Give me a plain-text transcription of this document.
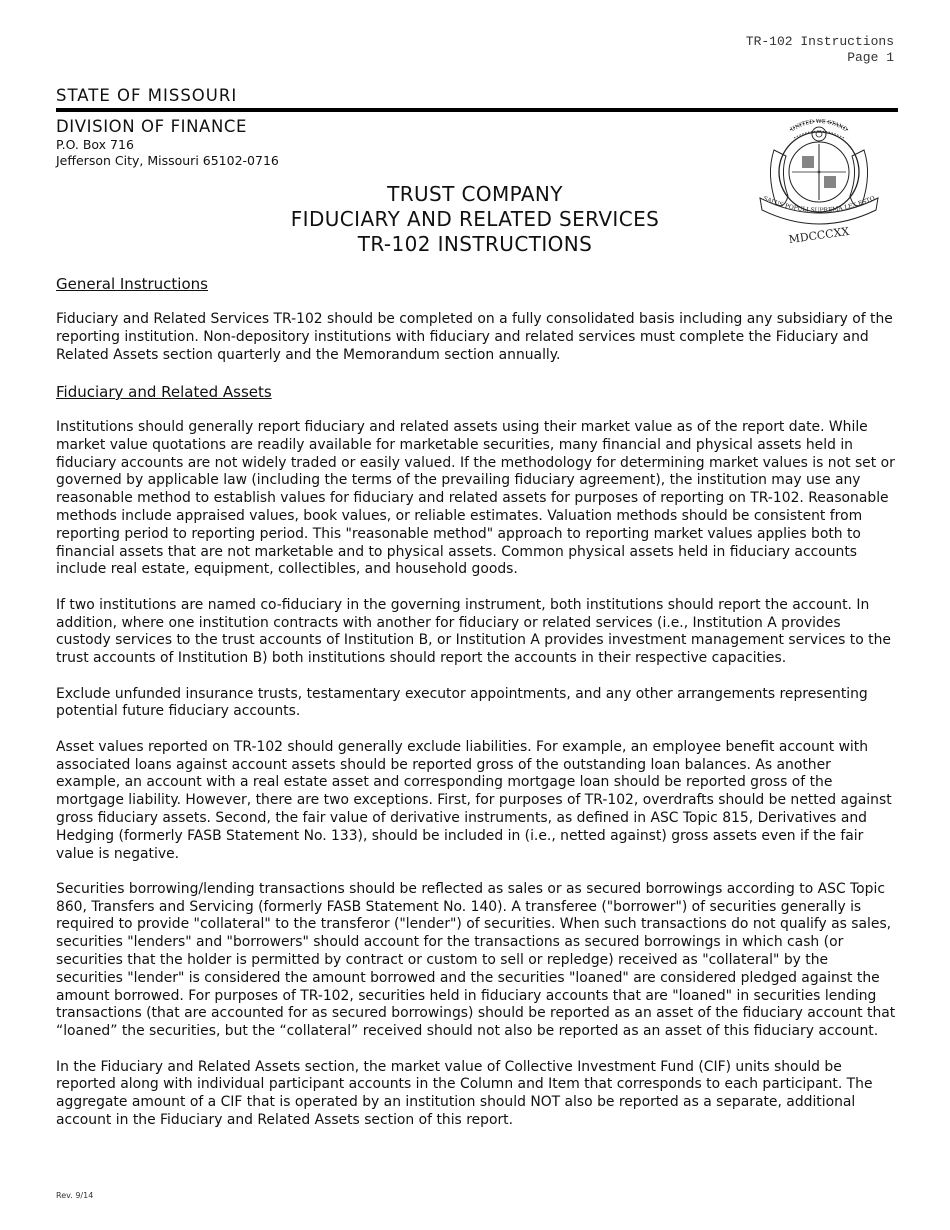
TR-102 Instructions
Page 1
STATE OF MISSOURI
DIVISION OF FINANCE
P.O. Box 716
Jefferson City, Missouri 65102-0716
UNITED WE STAND
SALUS POPULI SUPREMA LEX ESTO
MDCCCXX
TRUST COMPANY
FIDUCIARY AND RELATED SERVICES
TR-102 INSTRUCTIONS
General Instructions

Fiduciary and Related Services TR-102 should be completed on a fully consolidated basis including any subsidiary of the reporting institution. Non-depository institutions with fiduciary and related services must complete the Fiduciary and Related Assets section quarterly and the Memorandum section annually.

Fiduciary and Related Assets

Institutions should generally report fiduciary and related assets using their market value as of the report date. While market value quotations are readily available for marketable securities, many financial and physical assets held in fiduciary accounts are not widely traded or easily valued. If the methodology for determining market values is not set or governed by applicable law (including the terms of the prevailing fiduciary agreement), the institution may use any reasonable method to establish values for fiduciary and related assets for purposes of reporting on TR-102. Reasonable methods include appraised values, book values, or reliable estimates. Valuation methods should be consistent from reporting period to reporting period. This "reasonable method" approach to reporting market values applies both to financial assets that are not marketable and to physical assets. Common physical assets held in fiduciary accounts include real estate, equipment, collectibles, and household goods.

If two institutions are named co-fiduciary in the governing instrument, both institutions should report the account. In addition, where one institution contracts with another for fiduciary or related services (i.e., Institution A provides custody services to the trust accounts of Institution B, or Institution A provides investment management services to the trust accounts of Institution B) both institutions should report the accounts in their respective capacities.

Exclude unfunded insurance trusts, testamentary executor appointments, and any other arrangements representing potential future fiduciary accounts.

Asset values reported on TR-102 should generally exclude liabilities. For example, an employee benefit account with associated loans against account assets should be reported gross of the outstanding loan balances. As another example, an account with a real estate asset and corresponding mortgage loan should be reported gross of the mortgage liability. However, there are two exceptions. First, for purposes of TR-102, overdrafts should be netted against gross fiduciary assets. Second, the fair value of derivative instruments, as defined in ASC Topic 815, Derivatives and Hedging (formerly FASB Statement No. 133), should be included in (i.e., netted against) gross assets even if the fair value is negative.

Securities borrowing/lending transactions should be reflected as sales or as secured borrowings according to ASC Topic 860, Transfers and Servicing (formerly FASB Statement No. 140). A transferee ("borrower") of securities generally is required to provide "collateral" to the transferor ("lender") of securities. When such transactions do not qualify as sales, securities "lenders" and "borrowers" should account for the transactions as secured borrowings in which cash (or securities that the holder is permitted by contract or custom to sell or repledge) received as "collateral" by the securities "lender" is considered the amount borrowed and the securities "loaned" are considered pledged against the amount borrowed. For purposes of TR-102, securities held in fiduciary accounts that are "loaned" in securities lending transactions (that are accounted for as secured borrowings) should be reported as an asset of the fiduciary account that “loaned” the securities, but the “collateral” received should not also be reported as an asset of this fiduciary account.

In the Fiduciary and Related Assets section, the market value of Collective Investment Fund (CIF) units should be reported along with individual participant accounts in the Column and Item that corresponds to each participant. The aggregate amount of a CIF that is operated by an institution should NOT also be reported as a separate, additional account in the Fiduciary and Related Assets section of this report.

Rev. 9/14
